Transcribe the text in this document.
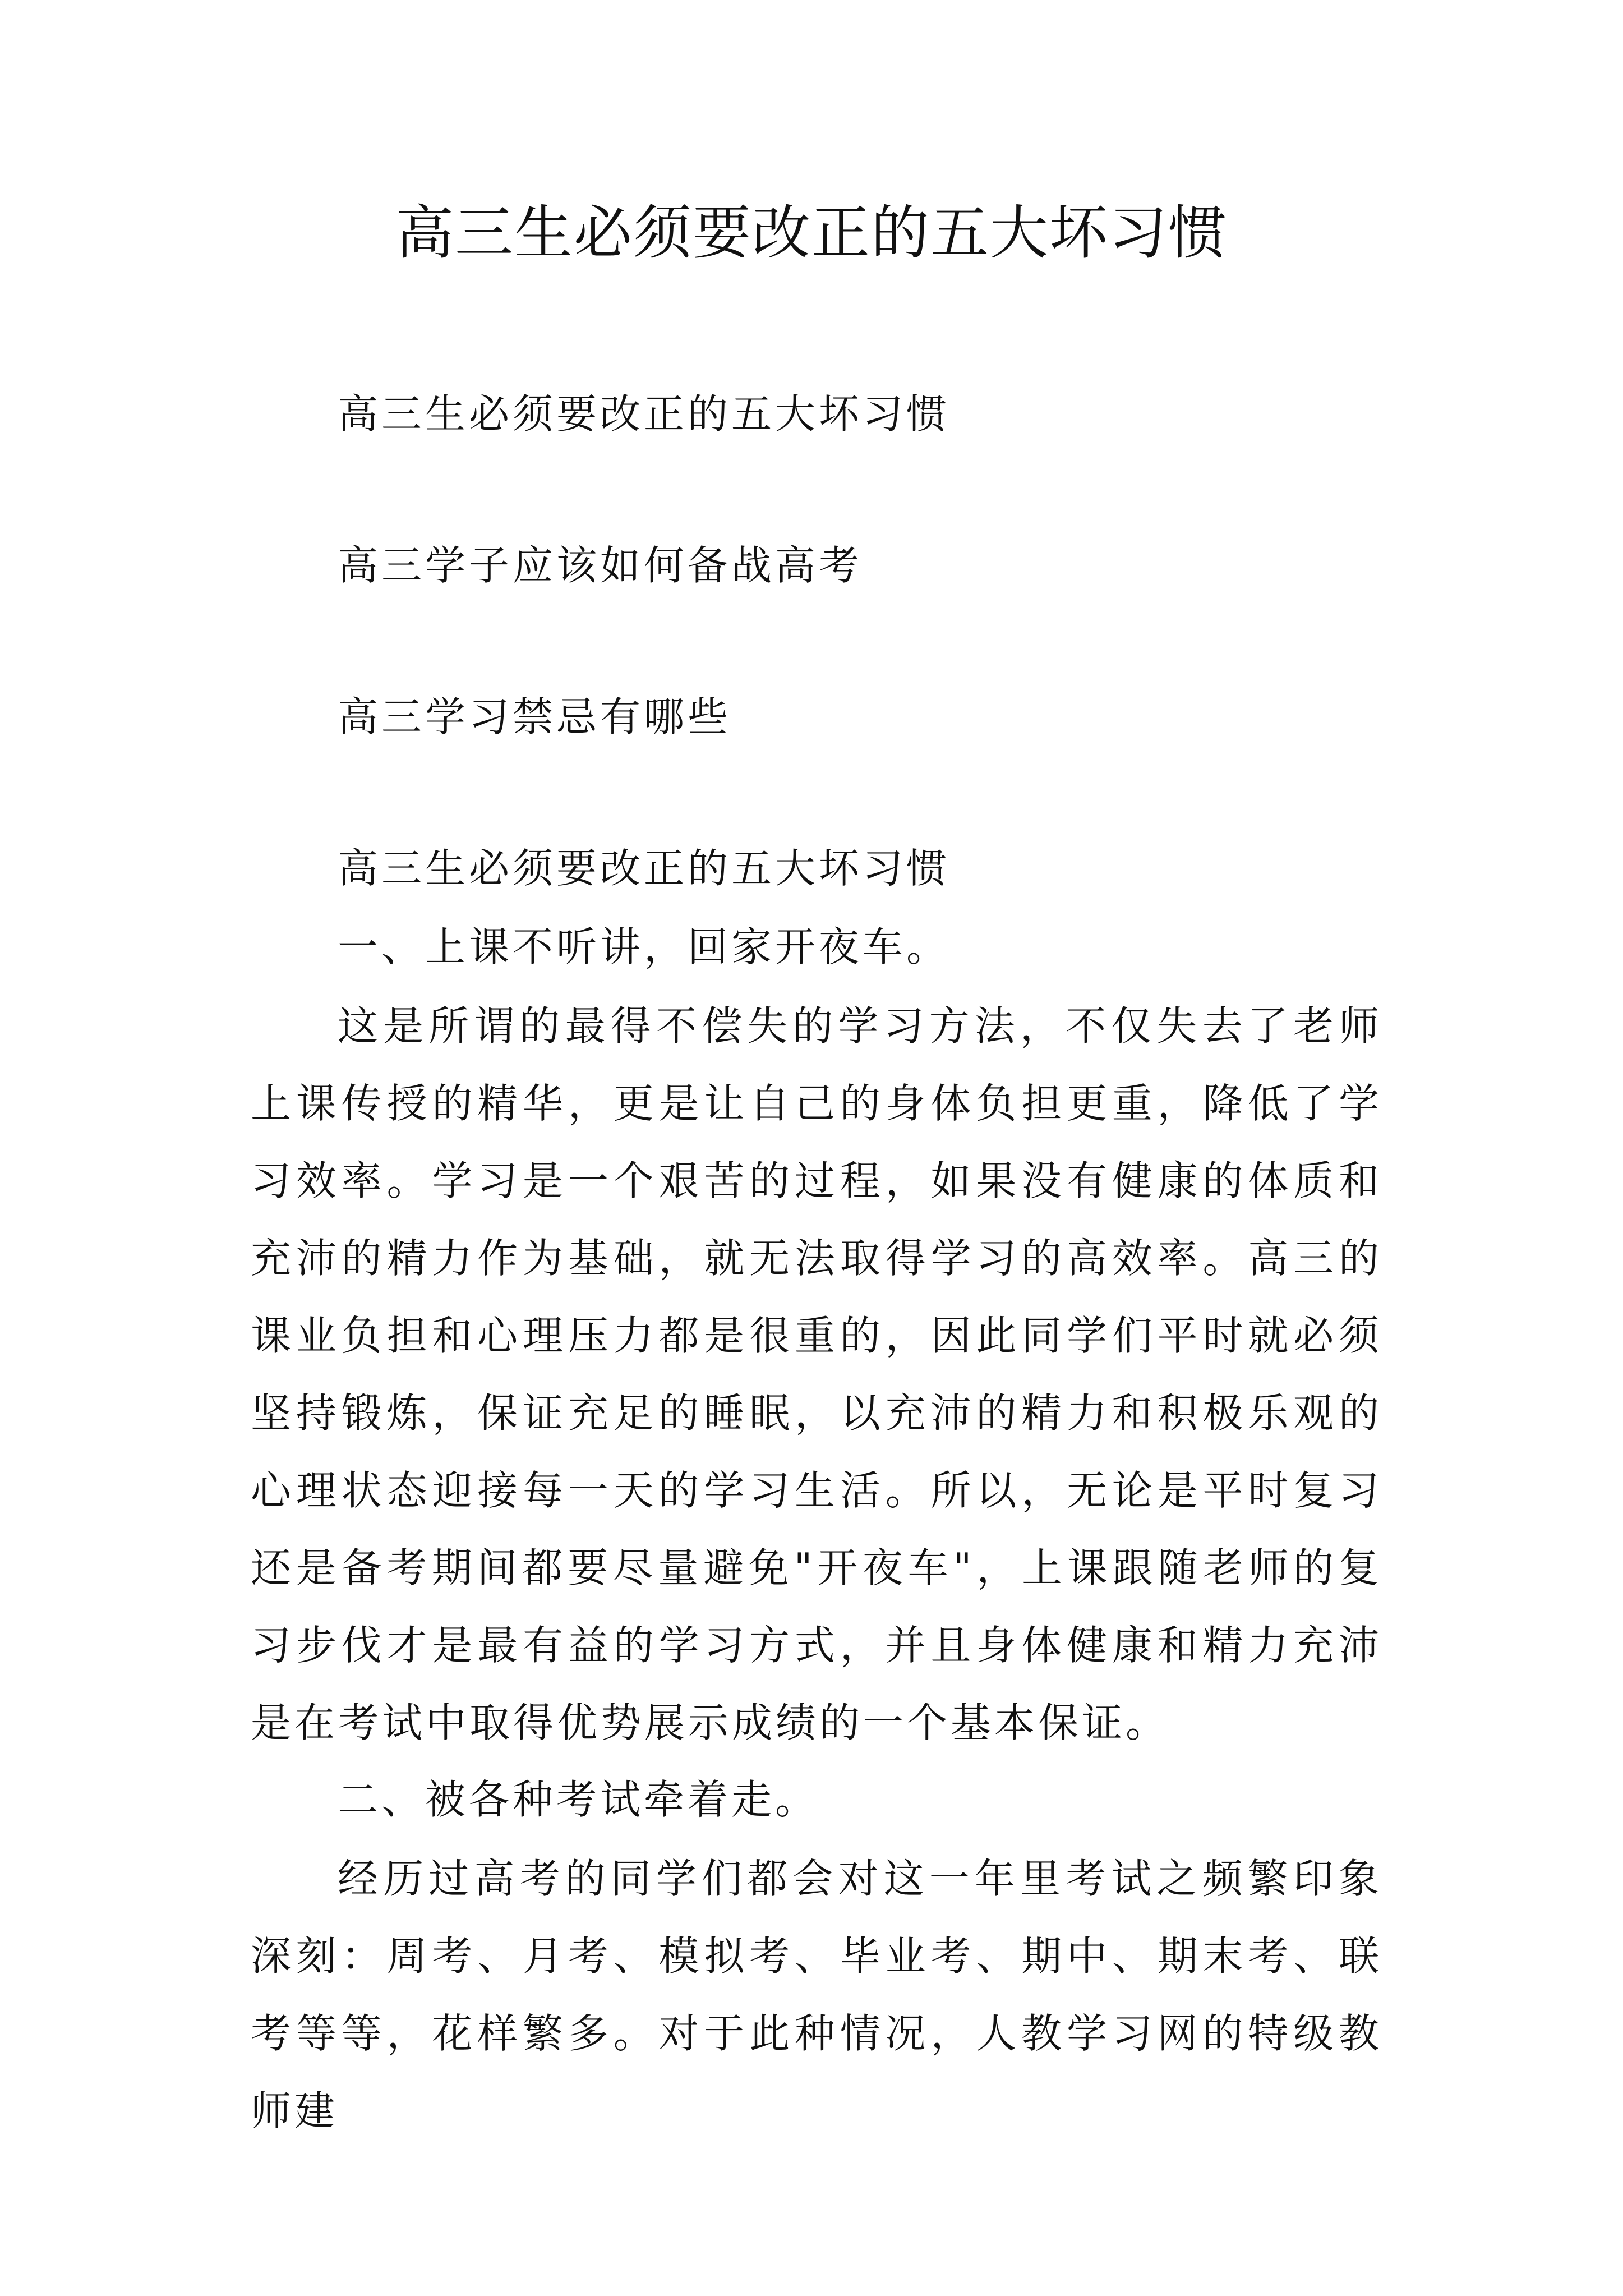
高三生必须要改正的五大坏习惯

高三生必须要改正的五大坏习惯

高三学子应该如何备战高考

高三学习禁忌有哪些

高三生必须要改正的五大坏习惯

一、上课不听讲，回家开夜车。

这是所谓的最得不偿失的学习方法，不仅失去了老师上课传授的精华，更是让自己的身体负担更重，降低了学习效率。学习是一个艰苦的过程，如果没有健康的体质和充沛的精力作为基础，就无法取得学习的高效率。高三的课业负担和心理压力都是很重的，因此同学们平时就必须坚持锻炼，保证充足的睡眠，以充沛的精力和积极乐观的心理状态迎接每一天的学习生活。所以，无论是平时复习还是备考期间都要尽量避免"开夜车"，上课跟随老师的复习步伐才是最有益的学习方式，并且身体健康和精力充沛是在考试中取得优势展示成绩的一个基本保证。

二、被各种考试牵着走。

经历过高考的同学们都会对这一年里考试之频繁印象深刻：周考、月考、模拟考、毕业考、期中、期末考、联考等等，花样繁多。对于此种情况，人教学习网的特级教师建
